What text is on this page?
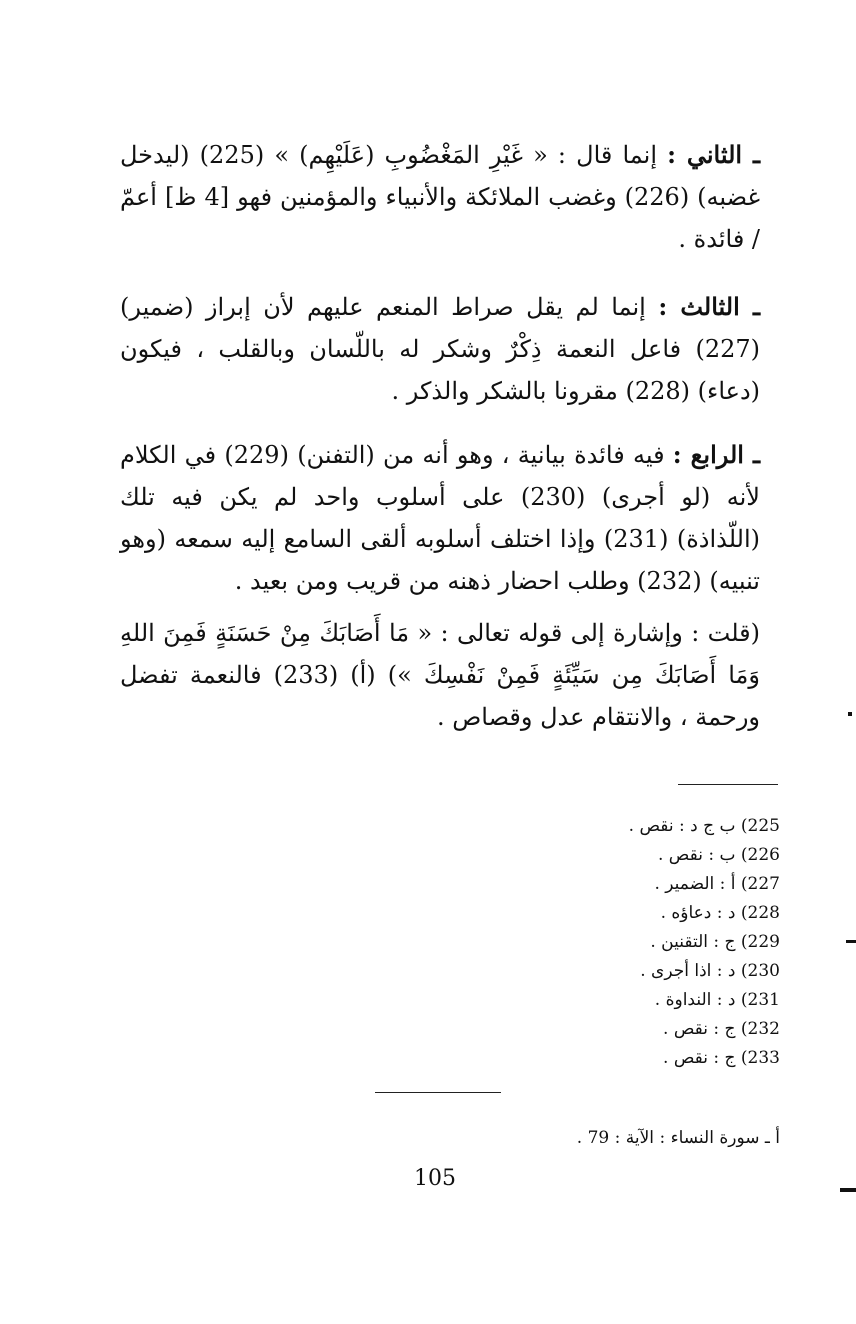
ـ الثاني : إنما قال : « غَيْرِ المَغْضُوبِ (عَلَيْهِم) » (225) (ليدخل غضبه) (226) وغضب الملائكة والأنبياء والمؤمنين فهو [4 ظ] أعمّ / فائدة .

ـ الثالث : إنما لم يقل صراط المنعم عليهم لأن إبراز (ضمير) (227) فاعل النعمة ذِكْرٌ وشكر له باللّسان وبالقلب ، فيكون (دعاء) (228) مقرونا بالشكر والذكر .

ـ الرابع : فيه فائدة بيانية ، وهو أنه من (التفنن) (229) في الكلام لأنه (لو أجرى) (230) على أسلوب واحد لم يكن فيه تلك (اللّذاذة) (231) وإذا اختلف أسلوبه ألقى السامع إليه سمعه (وهو تنبيه) (232) وطلب احضار ذهنه من قريب ومن بعيد .

(قلت : وإشارة إلى قوله تعالى : « مَا أَصَابَكَ مِنْ حَسَنَةٍ فَمِنَ اللهِ وَمَا أَصَابَكَ مِن سَيِّئَةٍ فَمِنْ نَفْسِكَ ») (أ) (233) فالنعمة تفضل ورحمة ، والانتقام عدل وقصاص .

225) ب ج د : نقص .
226) ب : نقص .
227) أ : الضمير .
228) د : دعاؤه .
229) ج : التقنين .
230) د : اذا أجرى .
231) د : النداوة .
232) ج : نقص .
233) ج : نقص .
أ ـ سورة النساء : الآية : 79 .
105
